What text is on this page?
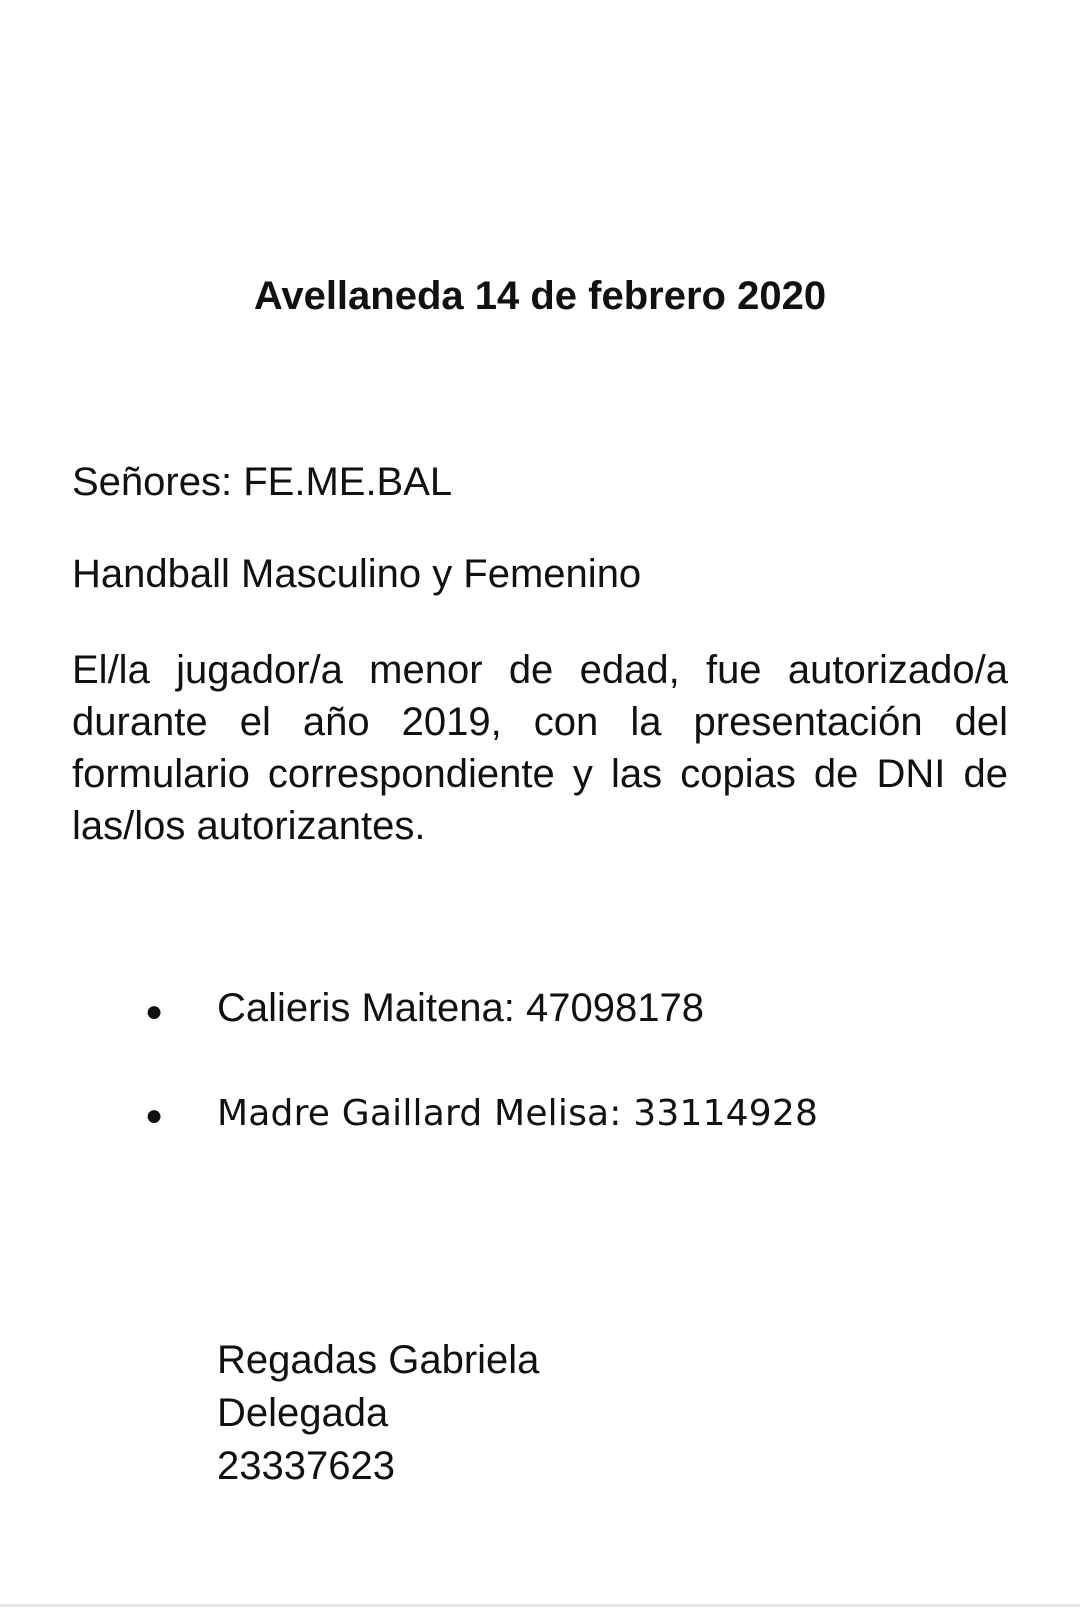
Avellaneda 14 de febrero 2020

Señores: FE.ME.BAL

Handball Masculino y Femenino

El/la jugador/a menor de edad, fue autorizado/a durante el año 2019, con la presentación del formulario correspondiente y las copias de DNI de las/los autorizantes.

● Calieris Maitena: 47098178
● Madre Gaillard Melisa: 33114928
Regadas Gabriela
Delegada
23337623
